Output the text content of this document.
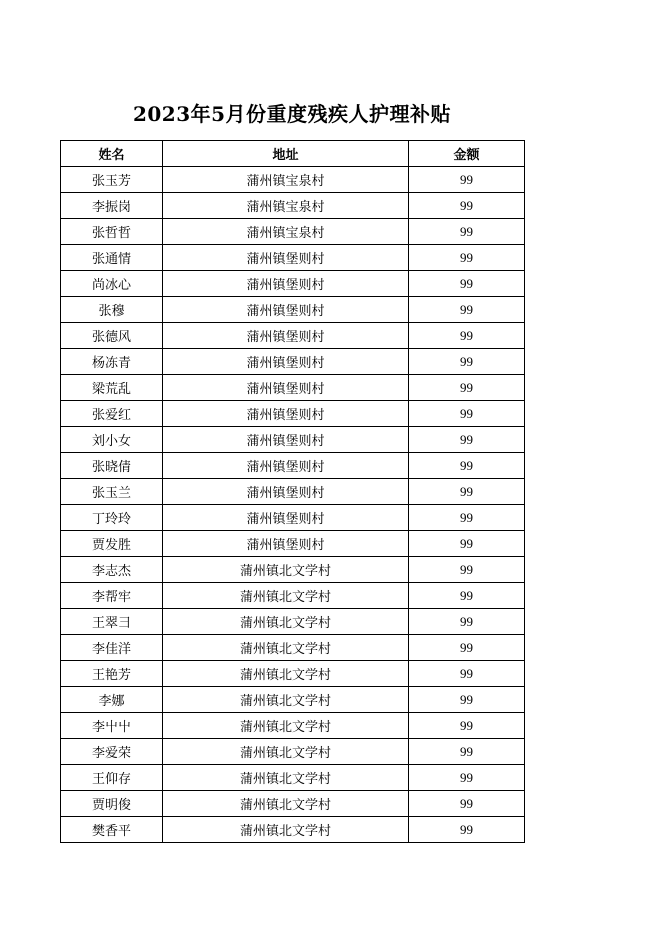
2023年5月份重度残疾人护理补贴
姓名	地址	金额
张玉芳	蒲州镇宝泉村	99
李振岗	蒲州镇宝泉村	99
张哲哲	蒲州镇宝泉村	99
张通情	蒲州镇堡则村	99
尚冰心	蒲州镇堡则村	99
张穆	蒲州镇堡则村	99
张德风	蒲州镇堡则村	99
杨冻青	蒲州镇堡则村	99
梁荒乱	蒲州镇堡则村	99
张爱红	蒲州镇堡则村	99
刘小女	蒲州镇堡则村	99
张晓倩	蒲州镇堡则村	99
张玉兰	蒲州镇堡则村	99
丁玲玲	蒲州镇堡则村	99
贾发胜	蒲州镇堡则村	99
李志杰	蒲州镇北文学村	99
李帮牢	蒲州镇北文学村	99
王翠彐	蒲州镇北文学村	99
李佳洋	蒲州镇北文学村	99
王艳芳	蒲州镇北文学村	99
李娜	蒲州镇北文学村	99
李屮屮	蒲州镇北文学村	99
李爱荣	蒲州镇北文学村	99
王仰存	蒲州镇北文学村	99
贾明俊	蒲州镇北文学村	99
樊香平	蒲州镇北文学村	99
